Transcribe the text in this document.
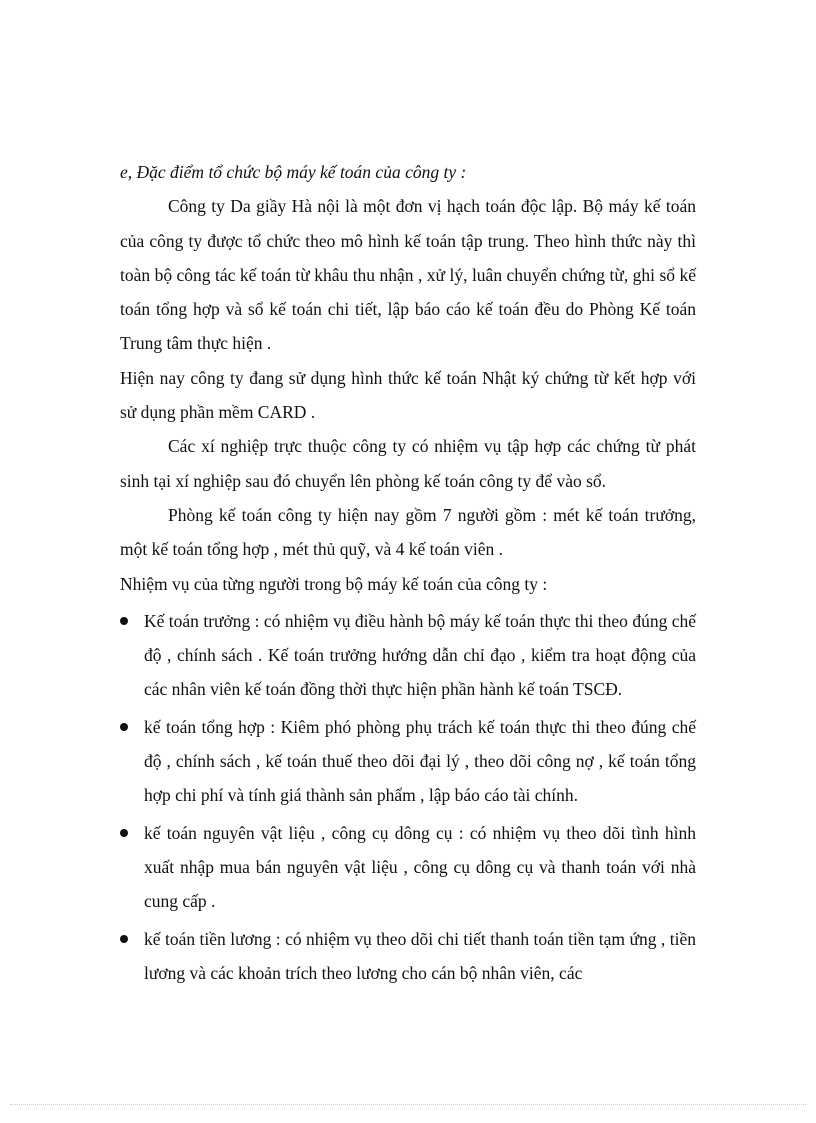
e, Đặc điểm tổ chức bộ máy kế toán của công ty :

Công ty Da giầy Hà nội là một đơn vị hạch toán độc lập. Bộ máy kế toán của công ty được tổ chức theo mô hình kế toán tập trung. Theo hình thức này thì toàn bộ công tác kế toán từ khâu thu nhận , xử lý, luân chuyển chứng từ, ghi sổ kế toán tổng hợp và sổ kế toán chi tiết, lập báo cáo kế toán đều do Phòng Kế toán Trung tâm thực hiện .

Hiện nay công ty đang sử dụng hình thức kế toán Nhật ký chứng từ kết hợp với sử dụng phần mềm CARD .

Các xí nghiệp trực thuộc công ty có nhiệm vụ tập hợp các chứng từ phát sinh tại xí nghiệp sau đó chuyển lên phòng kế toán công ty để vào sổ.

Phòng kế toán công ty hiện nay gồm 7 người gồm : mét kế toán trưởng, một kế toán tổng hợp , mét thủ quỹ, và 4 kế toán viên .

Nhiệm vụ của từng người trong bộ máy kế toán của công ty :

Kế toán trưởng : có nhiệm vụ điều hành bộ máy kế toán thực thi theo đúng chế độ , chính sách . Kế toán trưởng hướng dẫn chỉ đạo , kiểm tra hoạt động của các nhân viên kế toán đồng thời thực hiện phần hành kế toán TSCĐ.
kế toán tổng hợp : Kiêm phó phòng phụ trách kế toán thực thi theo đúng chế độ , chính sách , kế toán thuế theo dõi đại lý , theo dõi công nợ , kế toán tổng hợp chi phí và tính giá thành sản phẩm , lập báo cáo tài chính.
kế toán nguyên vật liệu , công cụ dông cụ : có nhiệm vụ theo dõi tình hình xuất nhập mua bán nguyên vật liệu , công cụ dông cụ và thanh toán với nhà cung cấp .
kế toán tiền lương : có nhiệm vụ theo dõi chi tiết thanh toán tiền tạm ứng , tiền lương và các khoản trích theo lương cho cán bộ nhân viên, các
